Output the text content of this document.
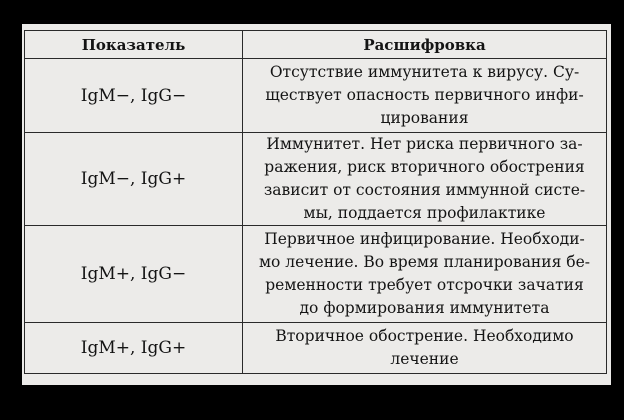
Показатель	Расшифровка
IgM−, IgG−	Отсутствие иммунитета к вирусу. Су-
ществует опасность первичного инфи-
цирования

IgM−, IgG+	Иммунитет. Нет риска первичного за-
ражения, риск вторичного обострения
зависит от состояния иммунной систе-
мы, поддается профилактике

IgM+, IgG−	Первичное инфицирование. Необходи-
мо лечение. Во время планирования бе-
ременности требует отсрочки зачатия
до формирования иммунитета

IgM+, IgG+	Вторичное обострение. Необходимо
лечение
